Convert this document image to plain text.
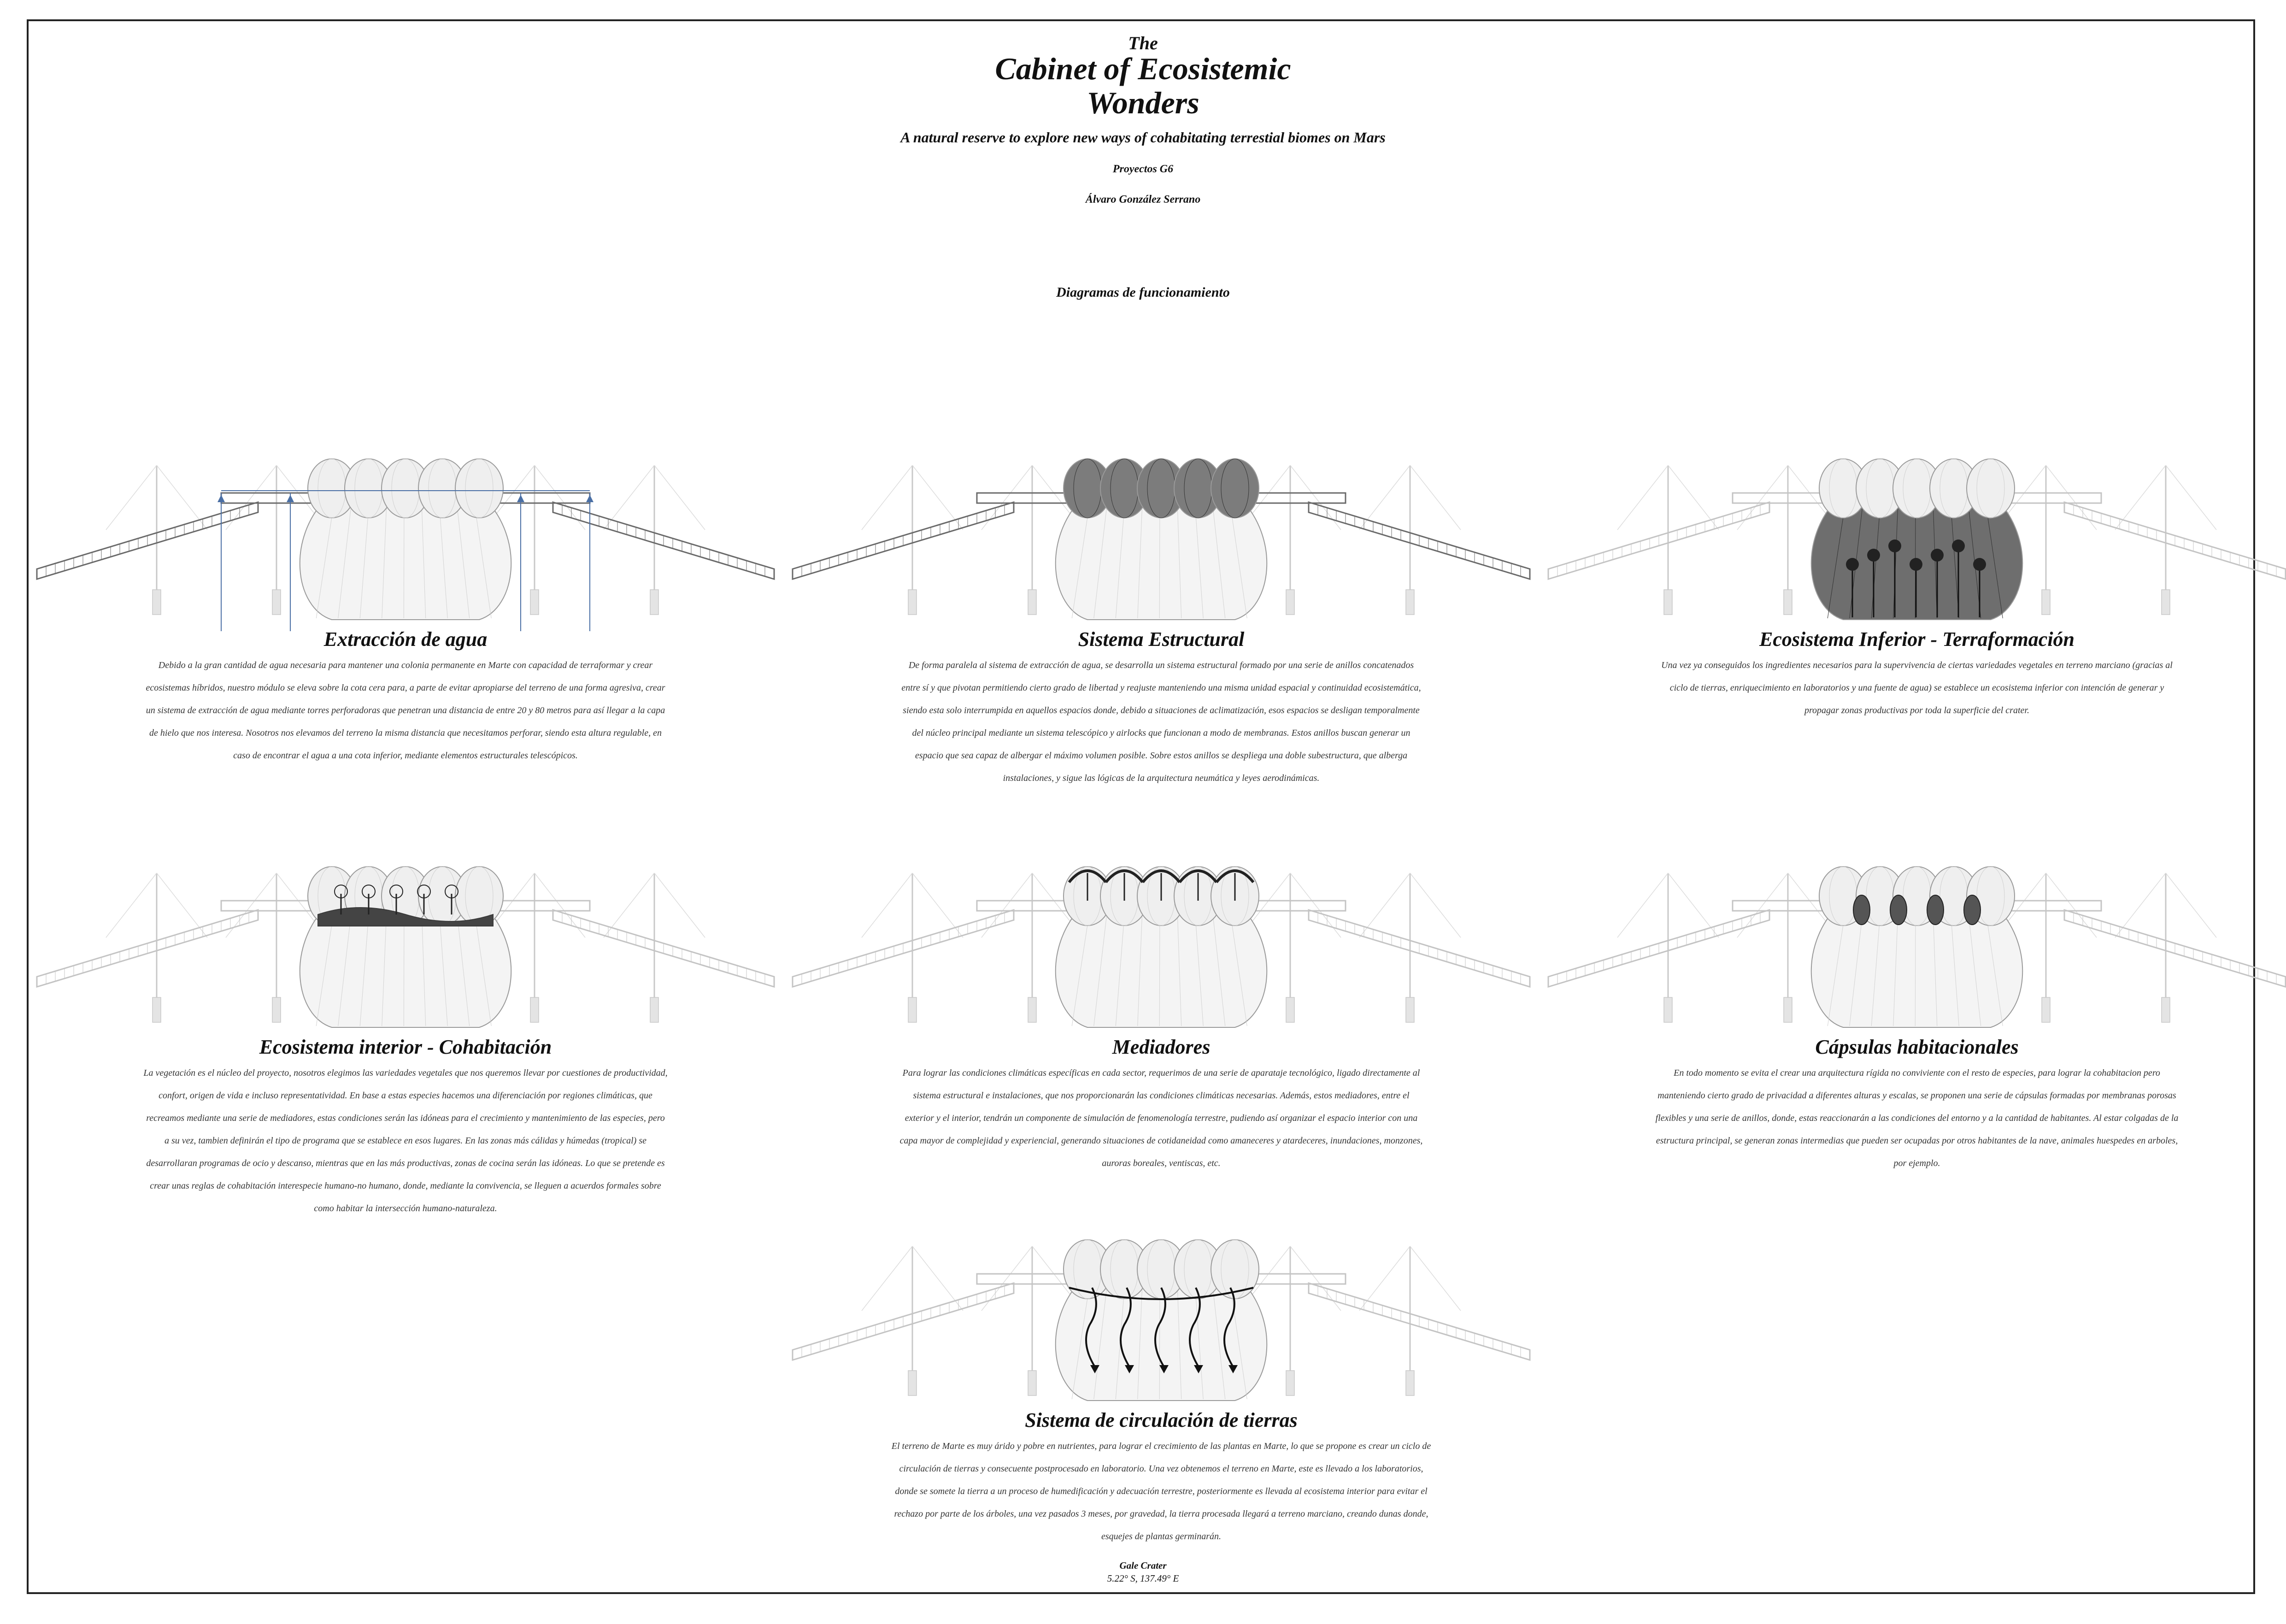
The
Cabinet of Ecosistemic
Wonders
A natural reserve to explore new ways of cohabitating terrestial biomes on Mars
Proyectos G6
Álvaro González Serrano
Diagramas de funcionamiento
Extracción de agua

Debido a la gran cantidad de agua necesaria para mantener una colonia permanente en Marte con capacidad de terraformar y crear ecosistemas híbridos, nuestro módulo se eleva sobre la cota cera para, a parte de evitar apropiarse del terreno de una forma agresiva, crear un sistema de extracción de agua mediante torres perforadoras que penetran una distancia de entre 20 y 80 metros para así llegar a la capa de hielo que nos interesa. Nosotros nos elevamos del terreno la misma distancia que necesitamos perforar, siendo esta altura regulable, en caso de encontrar el agua a una cota inferior, mediante elementos estructurales telescópicos.

Sistema Estructural

De forma paralela al sistema de extracción de agua, se desarrolla un sistema estructural formado por una serie de anillos concatenados entre sí y que pivotan permitiendo cierto grado de libertad y reajuste manteniendo una misma unidad espacial y continuidad ecosistemática, siendo esta solo interrumpida en aquellos espacios donde, debido a situaciones de aclimatización, esos espacios se desligan temporalmente del núcleo principal mediante un sistema telescópico y airlocks que funcionan a modo de membranas. Estos anillos buscan generar un espacio que sea capaz de albergar el máximo volumen posible. Sobre estos anillos se despliega una doble subestructura, que alberga instalaciones, y sigue las lógicas de la arquitectura neumática y leyes aerodinámicas.

Ecosistema Inferior - Terraformación

Una vez ya conseguidos los ingredientes necesarios para la supervivencia de ciertas variedades vegetales en terreno marciano (gracias al ciclo de tierras, enriquecimiento en laboratorios y una fuente de agua) se establece un ecosistema inferior con intención de generar y propagar zonas productivas por toda la superficie del crater.

Ecosistema interior - Cohabitación

La vegetación es el núcleo del proyecto, nosotros elegimos las variedades vegetales que nos queremos llevar por cuestiones de productividad, confort, origen de vida e incluso representatividad. En base a estas especies hacemos una diferenciación por regiones climáticas, que recreamos mediante una serie de mediadores, estas condiciones serán las idóneas para el crecimiento y mantenimiento de las especies, pero a su vez, tambien definirán el tipo de programa que se establece en esos lugares. En las zonas más cálidas y húmedas (tropical) se desarrollaran programas de ocio y descanso, mientras que en las más productivas, zonas de cocina serán las idóneas. Lo que se pretende es crear unas reglas de cohabitación interespecie humano-no humano, donde, mediante la convivencia, se lleguen a acuerdos formales sobre como habitar la intersección humano-naturaleza.

Mediadores

Para lograr las condiciones climáticas específicas en cada sector, requerimos de una serie de aparataje tecnológico, ligado directamente al sistema estructural e instalaciones, que nos proporcionarán las condiciones climáticas necesarias. Además, estos mediadores, entre el exterior y el interior, tendrán un componente de simulación de fenomenología terrestre, pudiendo así organizar el espacio interior con una capa mayor de complejidad y experiencial, generando situaciones de cotidaneidad como amaneceres y atardeceres, inundaciones, monzones, auroras boreales, ventiscas, etc.

Cápsulas habitacionales

En todo momento se evita el crear una arquitectura rígida no conviviente con el resto de especies, para lograr la cohabitacion pero manteniendo cierto grado de privacidad a diferentes alturas y escalas, se proponen una serie de cápsulas formadas por membranas porosas flexibles y una serie de anillos, donde, estas reaccionarán a las condiciones del entorno y a la cantidad de habitantes. Al estar colgadas de la estructura principal, se generan zonas intermedias que pueden ser ocupadas por otros habitantes de la nave, animales huespedes en arboles, por ejemplo.

Sistema de circulación de tierras

El terreno de Marte es muy árido y pobre en nutrientes, para lograr el crecimiento de las plantas en Marte, lo que se propone es crear un ciclo de circulación de tierras y consecuente postprocesado en laboratorio. Una vez obtenemos el terreno en Marte, este es llevado a los laboratorios, donde se somete la tierra a un proceso de humedificación y adecuación terrestre, posteriormente es llevada al ecosistema interior para evitar el rechazo por parte de los árboles, una vez pasados 3 meses, por gravedad, la tierra procesada llegará a terreno marciano, creando dunas donde, esquejes de plantas germinarán.

Gale Crater
5.22° S, 137.49° E
